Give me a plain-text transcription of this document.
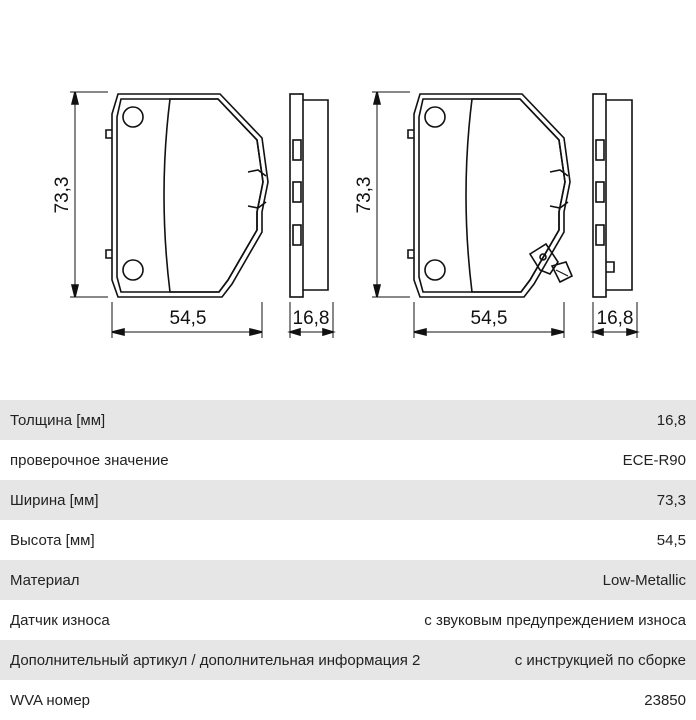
73,3
54,5	16,8
73,3
54,5	16,8
Толщина [мм]	16,8
проверочное значение	ECE-R90
Ширина [мм]	73,3
Высота [мм]	54,5
Материал	Low-Metallic
Датчик износа	с звуковым предупреждением износа
Дополнительный артикул / дополнительная информация 2	с инструкцией по сборке
WVA номер	23850
